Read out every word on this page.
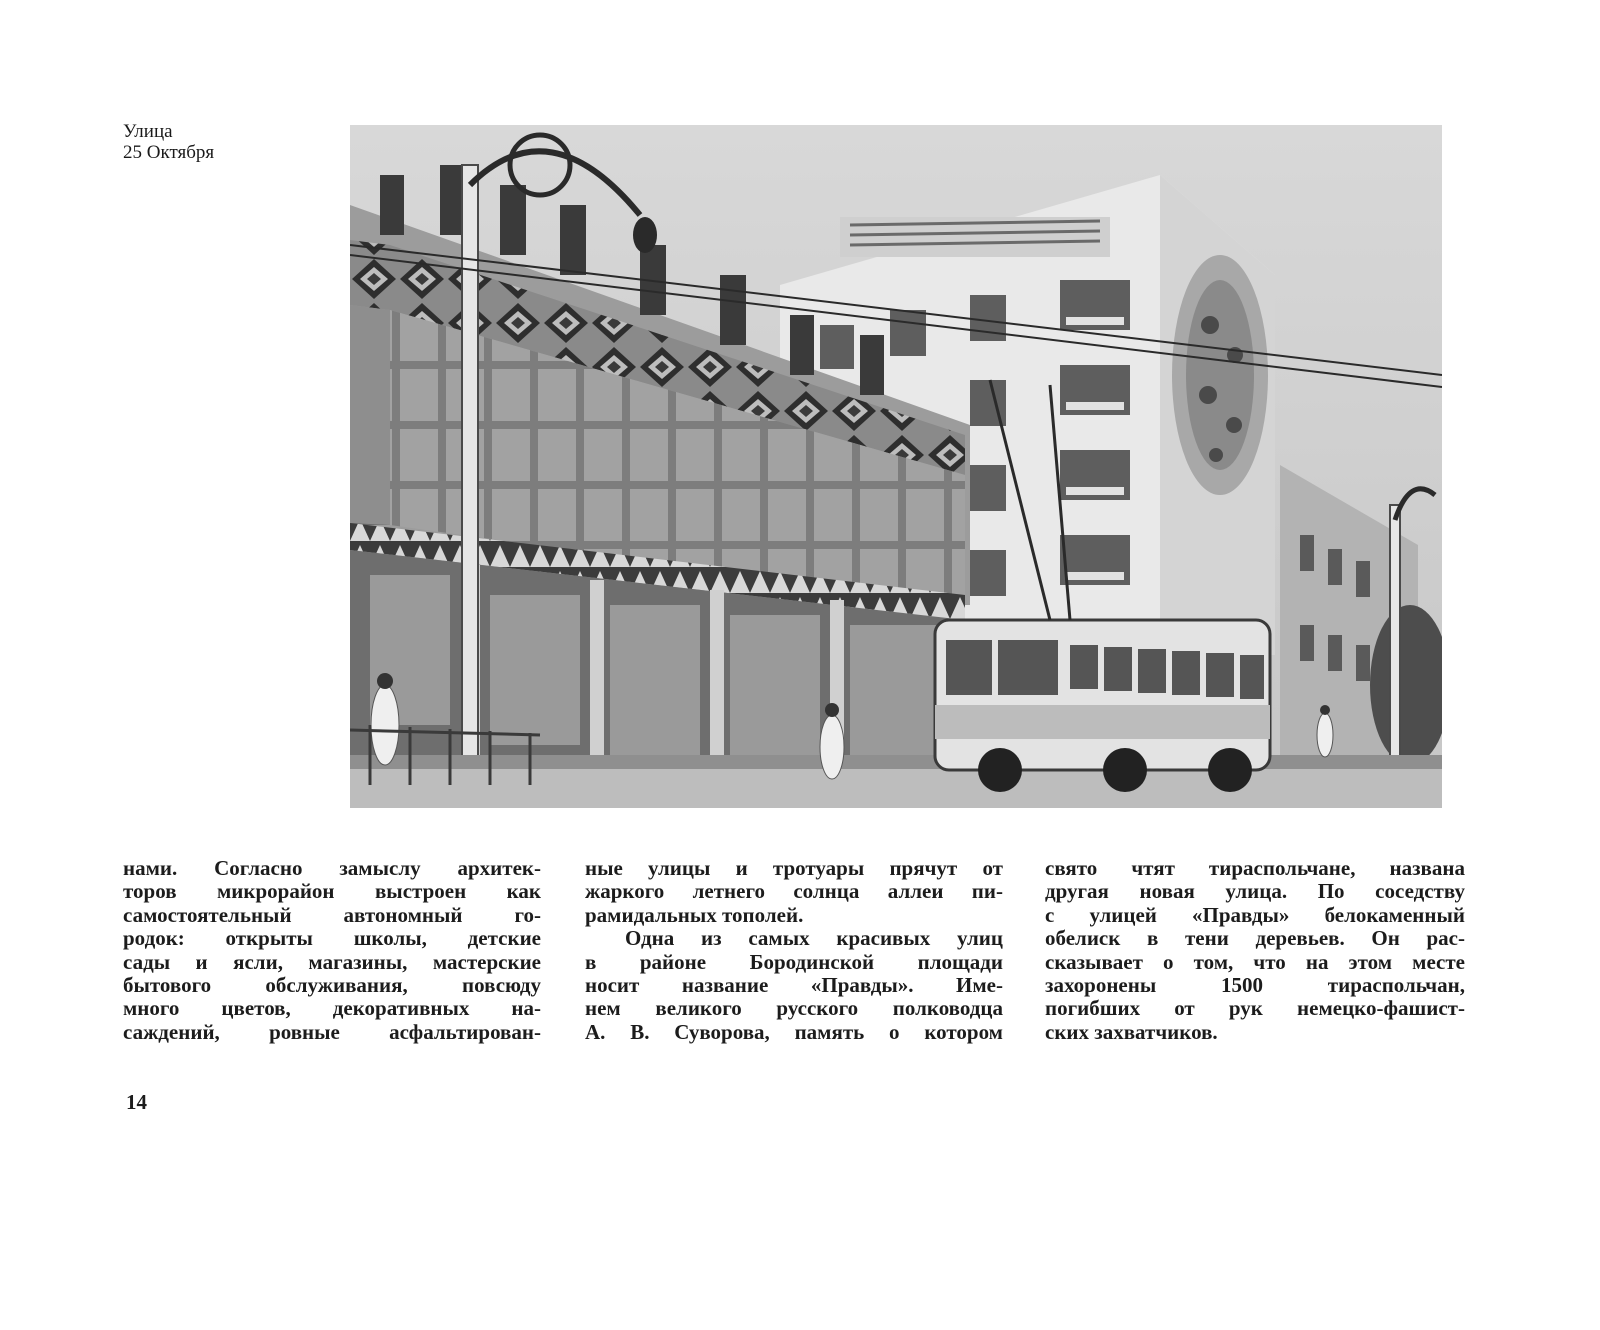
Улица
25 Октября
нами. Согласно замыслу архитек-
торов микрорайон выстроен как
самостоятельный автономный го-
родок: открыты школы, детские
сады и ясли, магазины, мастерские
бытового обслуживания, повсюду
много цветов, декоративных на-
саждений, ровные асфальтирован-
ные улицы и тротуары прячут от
жаркого летнего солнца аллеи пи-
рамидальных тополей.
Одна из самых красивых улиц
в районе Бородинской площади
носит название «Правды». Име-
нем великого русского полководца
А. В. Суворова, память о котором
свято чтят тираспольчане, названа
другая новая улица. По соседству
с улицей «Правды» белокаменный
обелиск в тени деревьев. Он рас-
сказывает о том, что на этом месте
захоронены 1500 тираспольчан,
погибших от рук немецко-фашист-
ских захватчиков.
14
